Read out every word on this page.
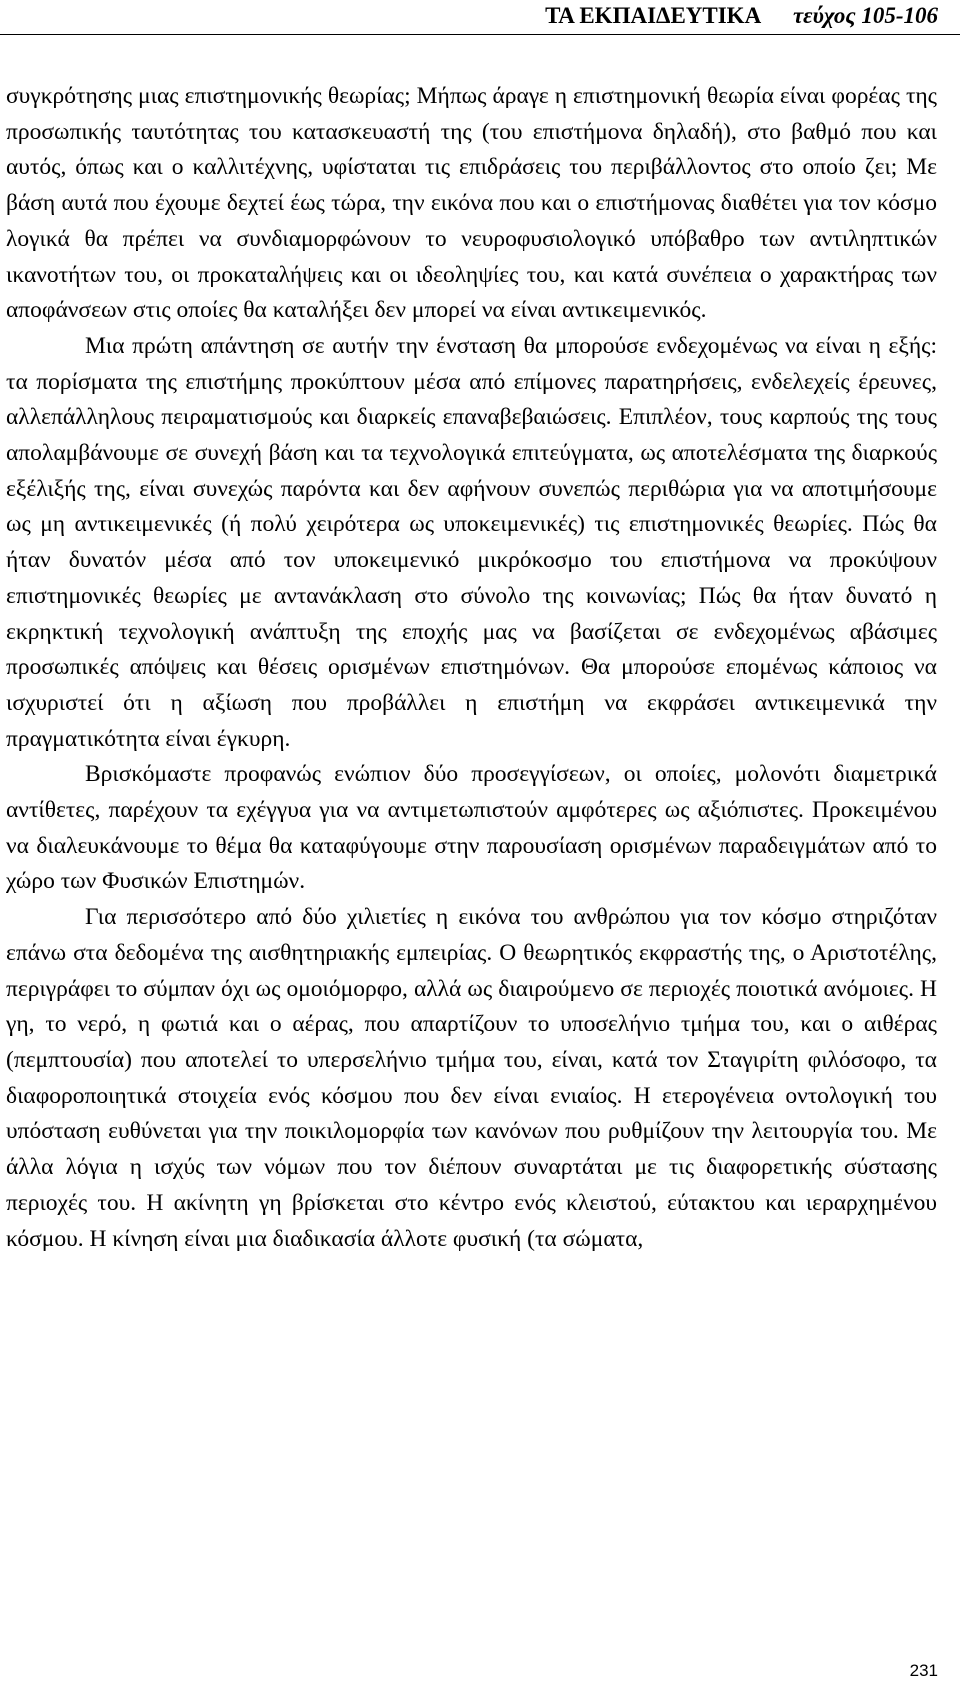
ΤΑ ΕΚΠΑΙΔΕΥΤΙΚΑ τεύχος 105-106

συγκρότησης μιας επιστημονικής θεωρίας; Μήπως άραγε η επιστημονική θεωρία είναι φορέας της προσωπικής ταυτότητας του κατασκευαστή της (του επιστήμονα δηλαδή), στο βαθμό που και αυτός, όπως και ο καλλιτέχνης, υφίσταται τις επιδράσεις του περιβάλλοντος στο οποίο ζει; Με βάση αυτά που έχουμε δεχτεί έως τώρα, την εικόνα που και ο επιστήμονας διαθέτει για τον κόσμο λογικά θα πρέπει να συνδιαμορφώνουν το νευροφυσιολογικό υπόβαθρο των αντιληπτικών ικανοτήτων του, οι προκαταλήψεις και οι ιδεοληψίες του, και κατά συνέπεια ο χαρακτήρας των αποφάνσεων στις οποίες θα καταλήξει δεν μπορεί να είναι αντικειμενικός.

Μια πρώτη απάντηση σε αυτήν την ένσταση θα μπορούσε ενδεχομένως να είναι η εξής: τα πορίσματα της επιστήμης προκύπτουν μέσα από επίμονες παρατηρήσεις, ενδελεχείς έρευνες, αλλεπάλληλους πειραματισμούς και διαρκείς επαναβεβαιώσεις. Επιπλέον, τους καρπούς της τους απολαμβάνουμε σε συνεχή βάση και τα τεχνολογικά επιτεύγματα, ως αποτελέσματα της διαρκούς εξέλιξής της, είναι συνεχώς παρόντα και δεν αφήνουν συνεπώς περιθώρια για να αποτιμήσουμε ως μη αντικειμενικές (ή πολύ χειρότερα ως υποκειμενικές) τις επιστημονικές θεωρίες. Πώς θα ήταν δυνατόν μέσα από τον υποκειμενικό μικρόκοσμο του επιστήμονα να προκύψουν επιστημονικές θεωρίες με αντανάκλαση στο σύνολο της κοινωνίας; Πώς θα ήταν δυνατό η εκρηκτική τεχνολογική ανάπτυξη της εποχής μας να βασίζεται σε ενδεχομένως αβάσιμες προσωπικές απόψεις και θέσεις ορισμένων επιστημόνων. Θα μπορούσε επομένως κάποιος να ισχυριστεί ότι η αξίωση που προβάλλει η επιστήμη να εκφράσει αντικειμενικά την πραγματικότητα είναι έγκυρη.

Βρισκόμαστε προφανώς ενώπιον δύο προσεγγίσεων, οι οποίες, μολονότι διαμετρικά αντίθετες, παρέχουν τα εχέγγυα για να αντιμετωπιστούν αμφότερες ως αξιόπιστες. Προκειμένου να διαλευκάνουμε το θέμα θα καταφύγουμε στην παρουσίαση ορισμένων παραδειγμάτων από το χώρο των Φυσικών Επιστημών.

Για περισσότερο από δύο χιλιετίες η εικόνα του ανθρώπου για τον κόσμο στηριζόταν επάνω στα δεδομένα της αισθητηριακής εμπειρίας. Ο θεωρητικός εκφραστής της, ο Αριστοτέλης, περιγράφει το σύμπαν όχι ως ομοιόμορφο, αλλά ως διαιρούμενο σε περιοχές ποιοτικά ανόμοιες. Η γη, το νερό, η φωτιά και ο αέρας, που απαρτίζουν το υποσελήνιο τμήμα του, και ο αιθέρας (πεμπτουσία) που αποτελεί το υπερσελήνιο τμήμα του, είναι, κατά τον Σταγιρίτη φιλόσοφο, τα διαφοροποιητικά στοιχεία ενός κόσμου που δεν είναι ενιαίος. Η ετερογένεια οντολογική του υπόσταση ευθύνεται για την ποικιλομορφία των κανόνων που ρυθμίζουν την λειτουργία του. Με άλλα λόγια η ισχύς των νόμων που τον διέπουν συναρτάται με τις διαφορετικής σύστασης περιοχές του. Η ακίνητη γη βρίσκεται στο κέντρο ενός κλειστού, εύτακτου και ιεραρχημένου κόσμου. Η κίνηση είναι μια διαδικασία άλλοτε φυσική (τα σώματα,

231
